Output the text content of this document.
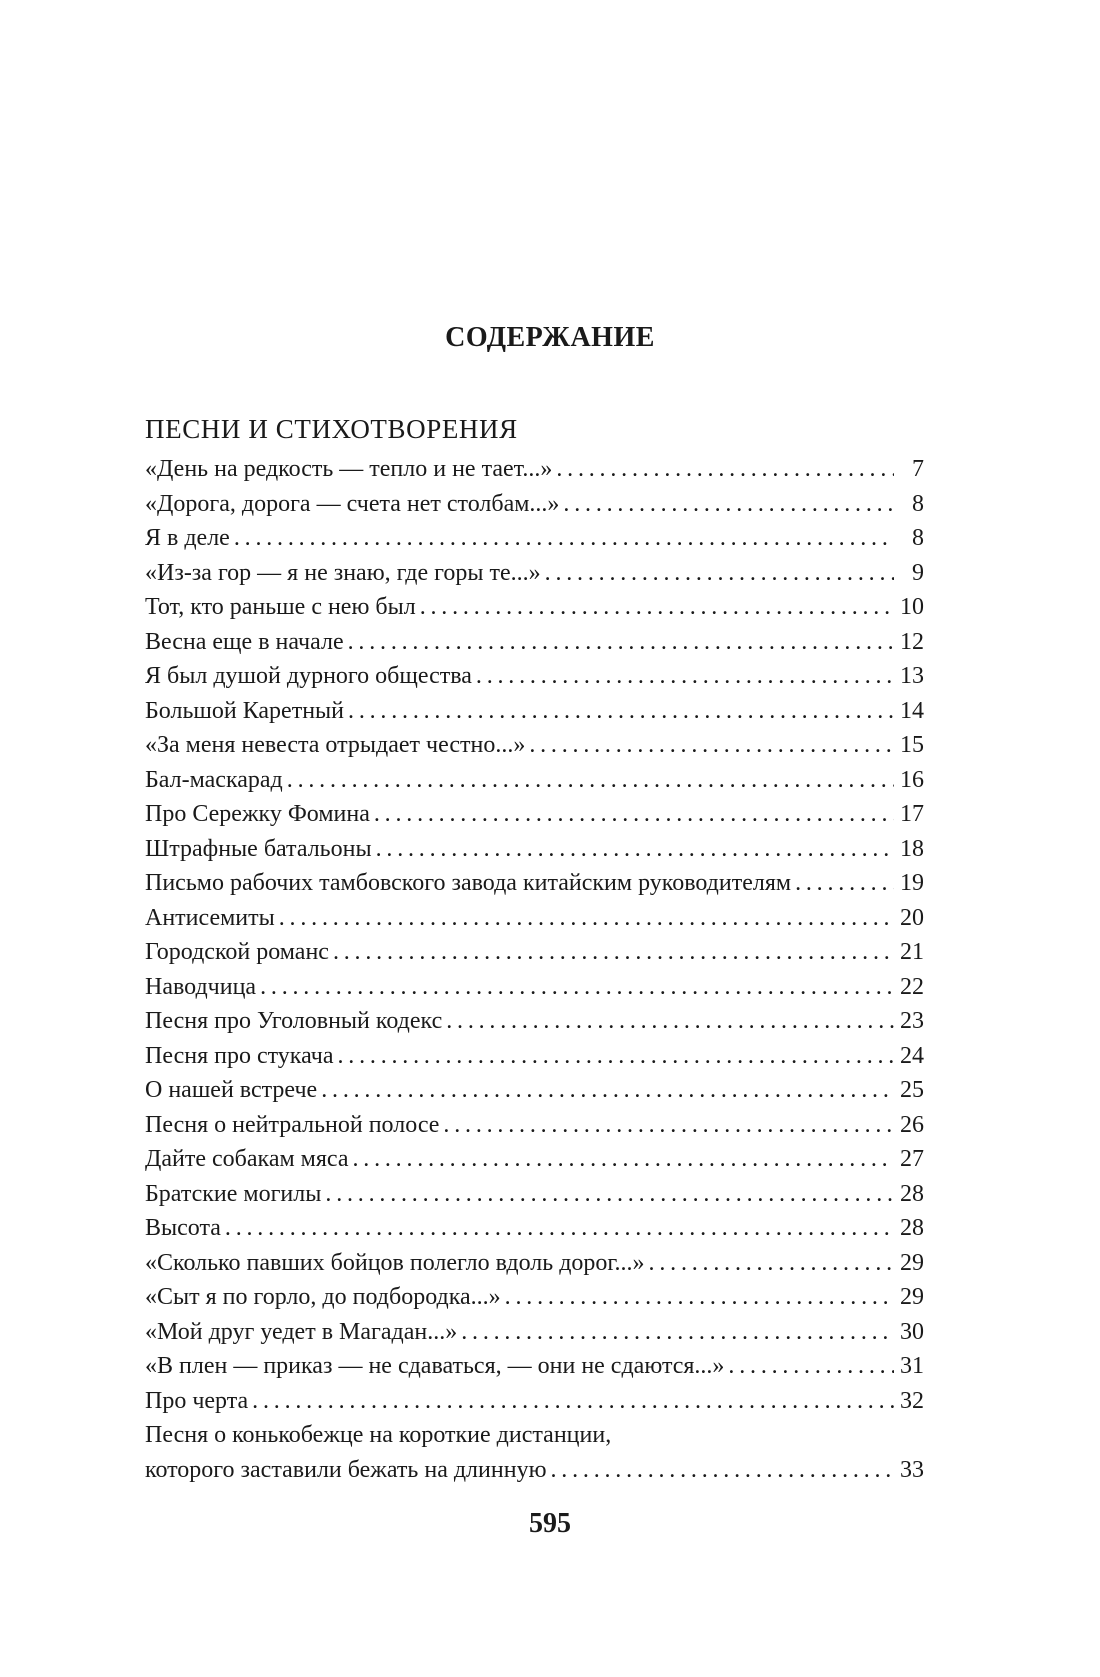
СОДЕРЖАНИЕ
ПЕСНИ И СТИХОТВОРЕНИЯ
«День на редкость — тепло и не тает...» . . .	7
«Дорога, дорога — счета нет столбам...» . . .	8
Я в деле . . .	8
«Из-за гор — я не знаю, где горы те...» . . .	9
Тот, кто раньше с нею был . . .	10
Весна еще в начале . . .	12
Я был душой дурного общества . . .	13
Большой Каретный . . .	14
«За меня невеста отрыдает честно...» . . .	15
Бал-маскарад . . .	16
Про Сережку Фомина . . .	17
Штрафные батальоны . . .	18
Письмо рабочих тамбовского завода китайским руководителям . . .	19
Антисемиты . . .	20
Городской романс . . .	21
Наводчица . . .	22
Песня про Уголовный кодекс . . .	23
Песня про стукача . . .	24
О нашей встрече . . .	25
Песня о нейтральной полосе . . .	26
Дайте собакам мяса . . .	27
Братские могилы . . .	28
Высота . . .	28
«Сколько павших бойцов полегло вдоль дорог...» . . .	29
«Сыт я по горло, до подбородка...» . . .	29
«Мой друг уедет в Магадан...» . . .	30
«В плен — приказ — не сдаваться, — они не сдаются...» . . .	31
Про черта . . .	32
Песня о конькобежце на короткие дистанции,
которого заставили бежать на длинную . . .	33
595
